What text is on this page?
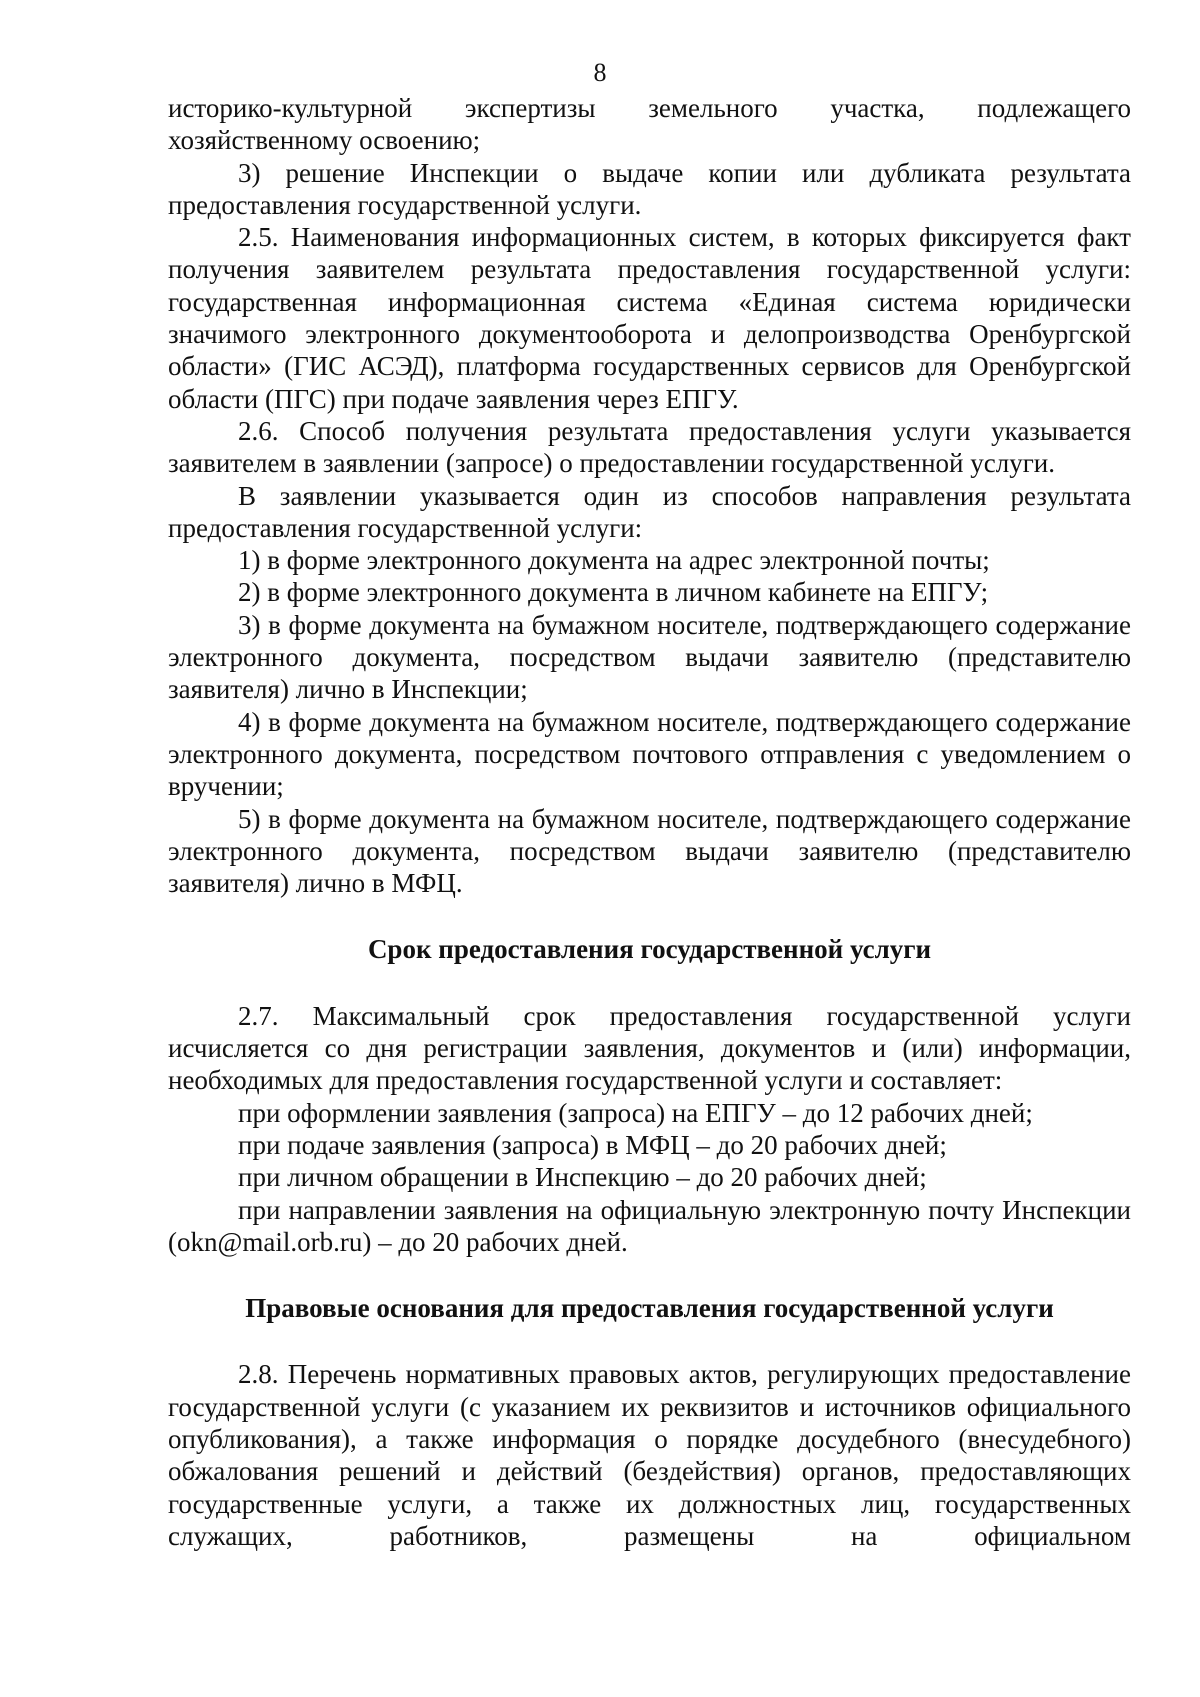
8

историко-культурной экспертизы земельного участка, подлежащего хозяйственному освоению;

3) решение Инспекции о выдаче копии или дубликата результата предоставления государственной услуги.

2.5. Наименования информационных систем, в которых фиксируется факт получения заявителем результата предоставления государственной услуги: государственная информационная система «Единая система юридически значимого электронного документооборота и делопроизводства Оренбургской области» (ГИС АСЭД), платформа государственных сервисов для Оренбургской области (ПГС) при подаче заявления через ЕПГУ.

2.6. Способ получения результата предоставления услуги указывается заявителем в заявлении (запросе) о предоставлении государственной услуги.

В заявлении указывается один из способов направления результата предоставления государственной услуги:

1) в форме электронного документа на адрес электронной почты;

2) в форме электронного документа в личном кабинете на ЕПГУ;

3) в форме документа на бумажном носителе, подтверждающего содержание электронного документа, посредством выдачи заявителю (представителю заявителя) лично в Инспекции;

4) в форме документа на бумажном носителе, подтверждающего содержание электронного документа, посредством почтового отправления с уведомлением о вручении;

5) в форме документа на бумажном носителе, подтверждающего содержание электронного документа, посредством выдачи заявителю (представителю заявителя) лично в МФЦ.

Срок предоставления государственной услуги

2.7. Максимальный срок предоставления государственной услуги исчисляется со дня регистрации заявления, документов и (или) информации, необходимых для предоставления государственной услуги и составляет:

при оформлении заявления (запроса) на ЕПГУ – до 12 рабочих дней;

при подаче заявления (запроса) в МФЦ – до 20 рабочих дней;

при личном обращении в Инспекцию – до 20 рабочих дней;

при направлении заявления на официальную электронную почту Инспекции (okn@mail.orb.ru) – до 20 рабочих дней.

Правовые основания для предоставления государственной услуги

2.8. Перечень нормативных правовых актов, регулирующих предоставление государственной услуги (с указанием их реквизитов и источников официального опубликования), а также информация о порядке досудебного (внесудебного) обжалования решений и действий (бездействия) органов, предоставляющих государственные услуги, а также их должностных лиц, государственных служащих, работников, размещены на официальном
